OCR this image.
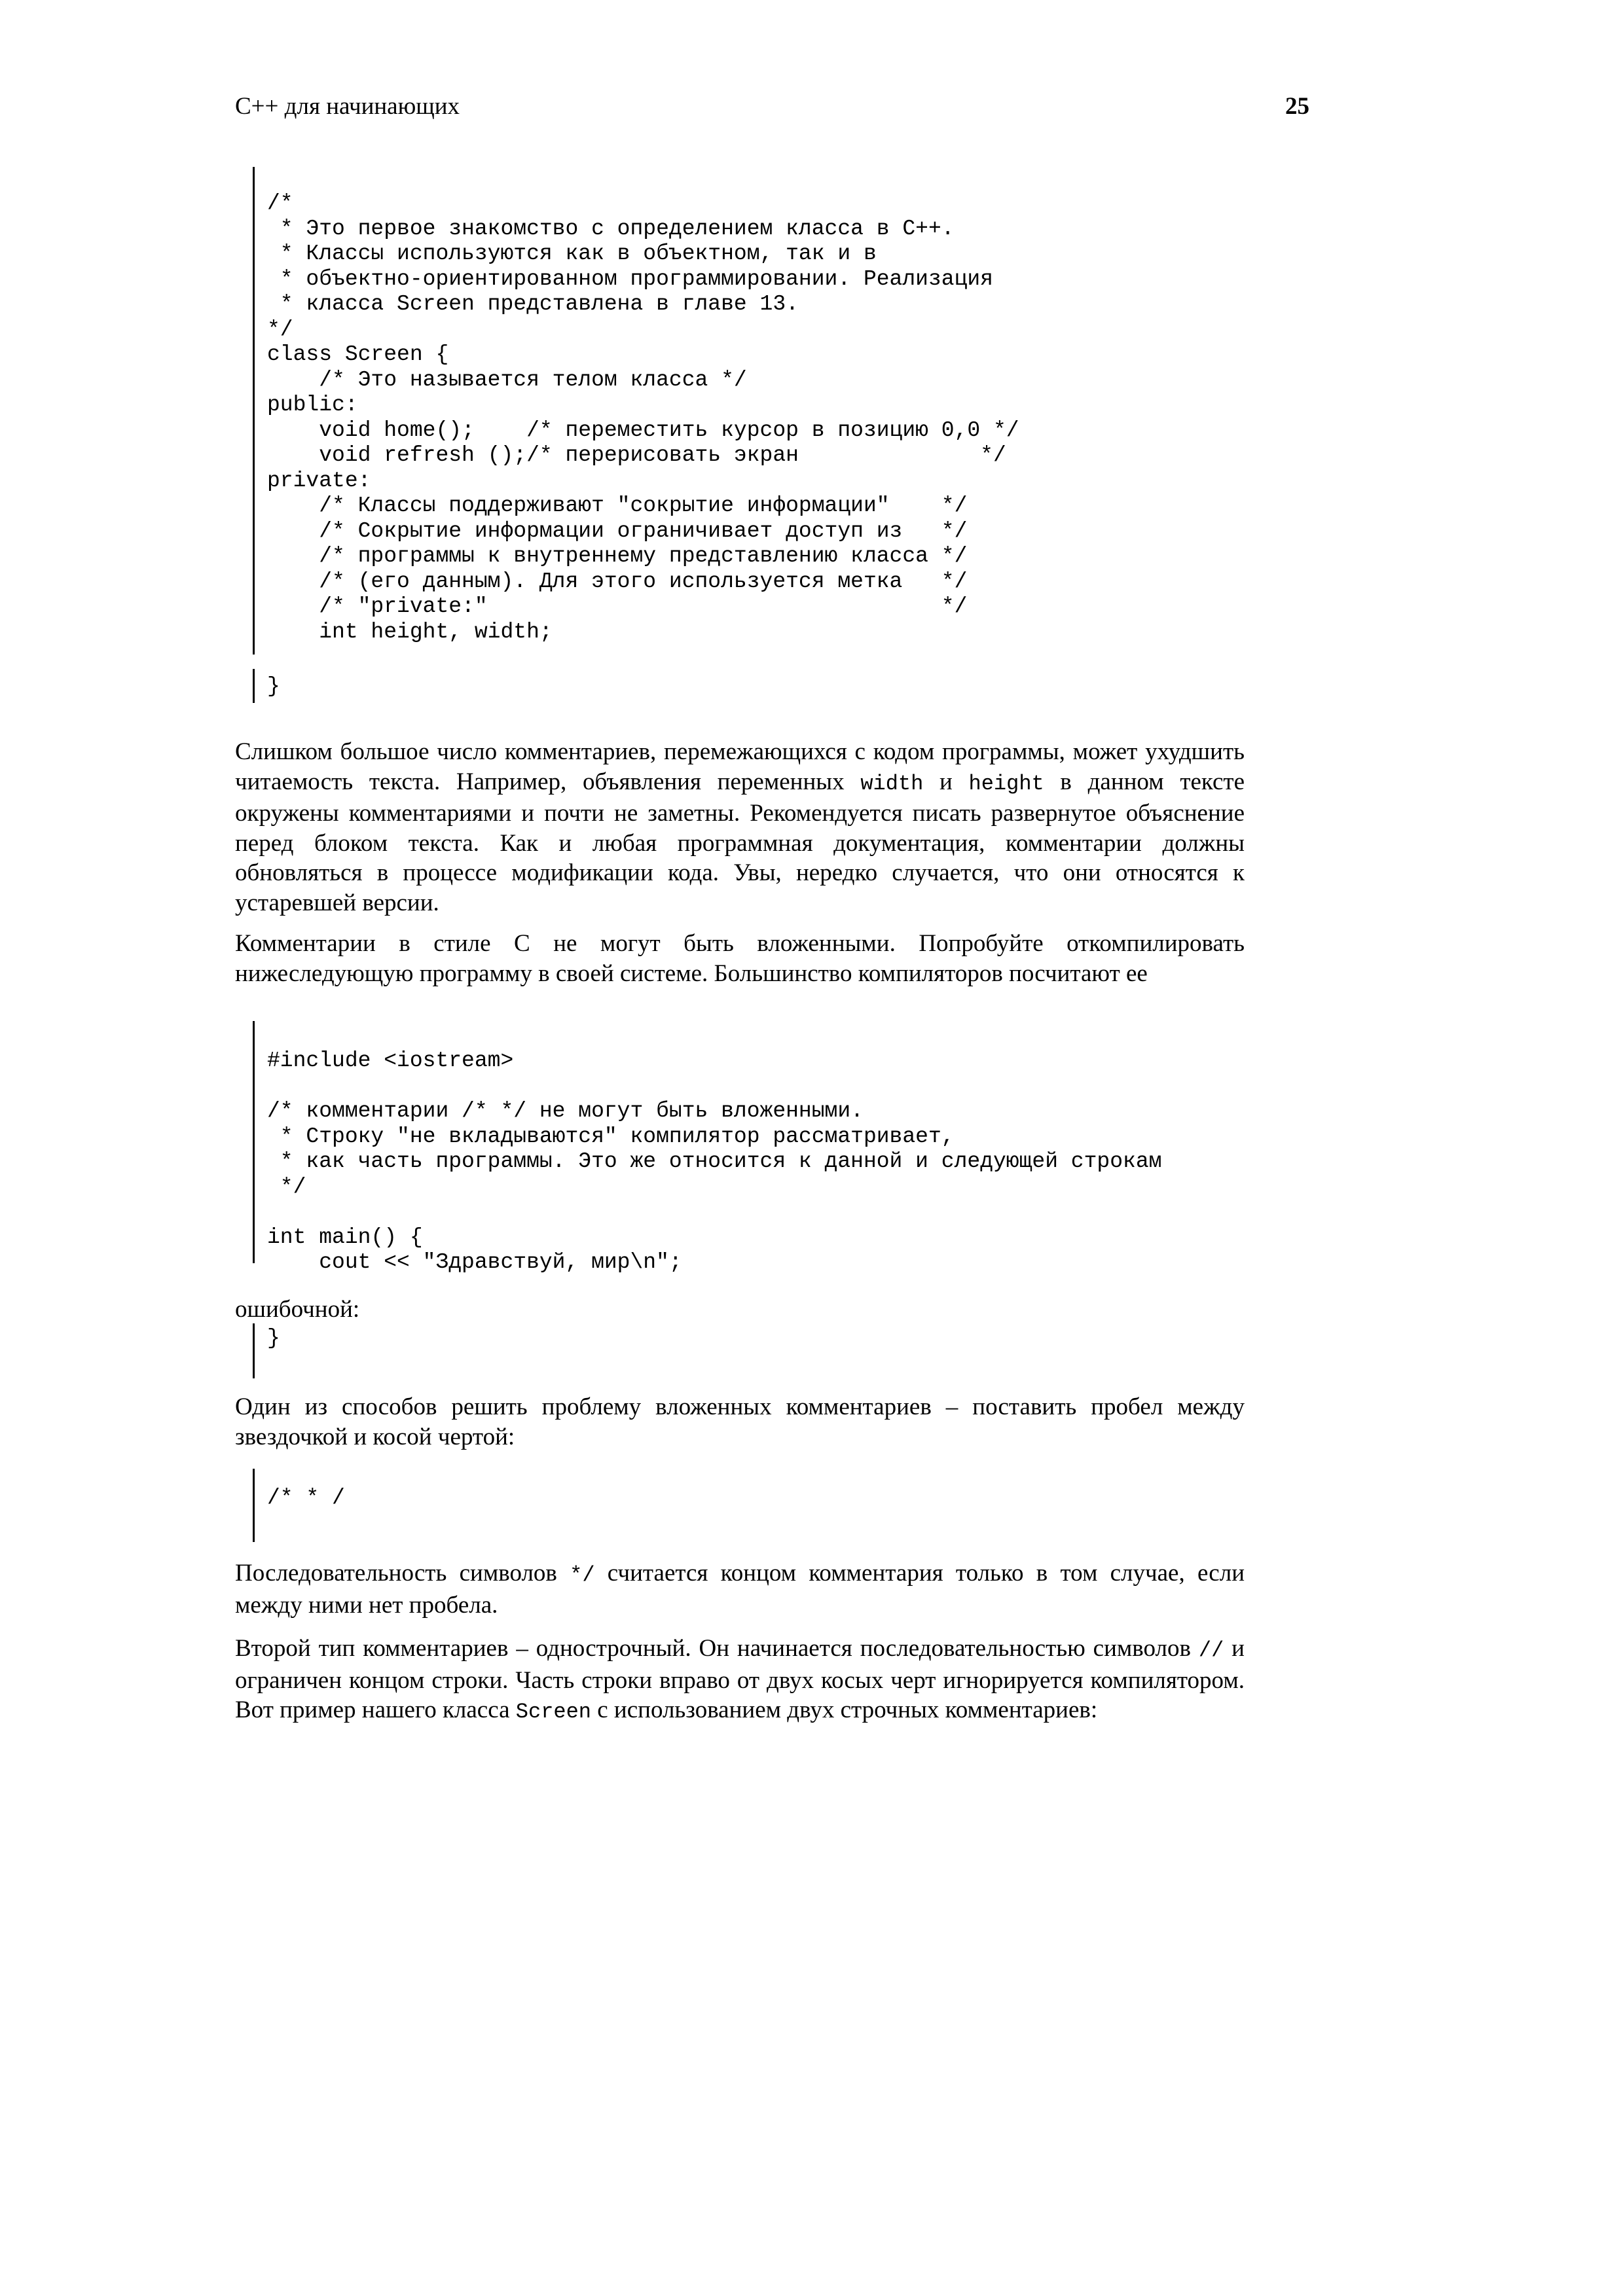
C++ для начинающих	25
/*
* Это первое знакомство с определением класса в C++.
* Классы используются как в объектном, так и в
* объектно-ориентированном программировании. Реализация
* класса Screen представлена в главе 13.
*/
class Screen {
/* Это называется телом класса */
public:
void home();    /* переместить курсор в позицию 0,0 */
void refresh ();/* перерисовать экран              */
private:
/* Классы поддерживают "сокрытие информации"    */
/* Сокрытие информации ограничивает доступ из   */
/* программы к внутреннему представлению класса */
/* (его данным). Для этого используется метка   */
/* "private:"                                   */
int height, width;
}

Слишком большое число комментариев, перемежающихся с кодом программы, может ухудшить читаемость текста. Например, объявления переменных width и height в данном тексте окружены комментариями и почти не заметны. Рекомендуется писать развернутое объяснение перед блоком текста. Как и любая программная документация, комментарии должны обновляться в процессе модификации кода. Увы, нередко случается, что они относятся к устаревшей версии.

Комментарии в стиле С не могут быть вложенными. Попробуйте откомпилировать нижеследующую программу в своей системе. Большинство компиляторов посчитают ее

#include <iostream>

/* комментарии /* */ не могут быть вложенными.
* Строку "не вкладываются" компилятор рассматривает,
* как часть программы. Это же относится к данной и следующей строкам
*/

int main() {
cout << "Здравствуй, мир\n";

ошибочной:

}

Один из способов решить проблему вложенных комментариев – поставить пробел между звездочкой и косой чертой:

/* * /

Последовательность символов */ считается концом комментария только в том случае, если между ними нет пробела.

Второй тип комментариев – однострочный. Он начинается последовательностью символов // и ограничен концом строки. Часть строки вправо от двух косых черт игнорируется компилятором. Вот пример нашего класса Screen с использованием двух строчных комментариев:
